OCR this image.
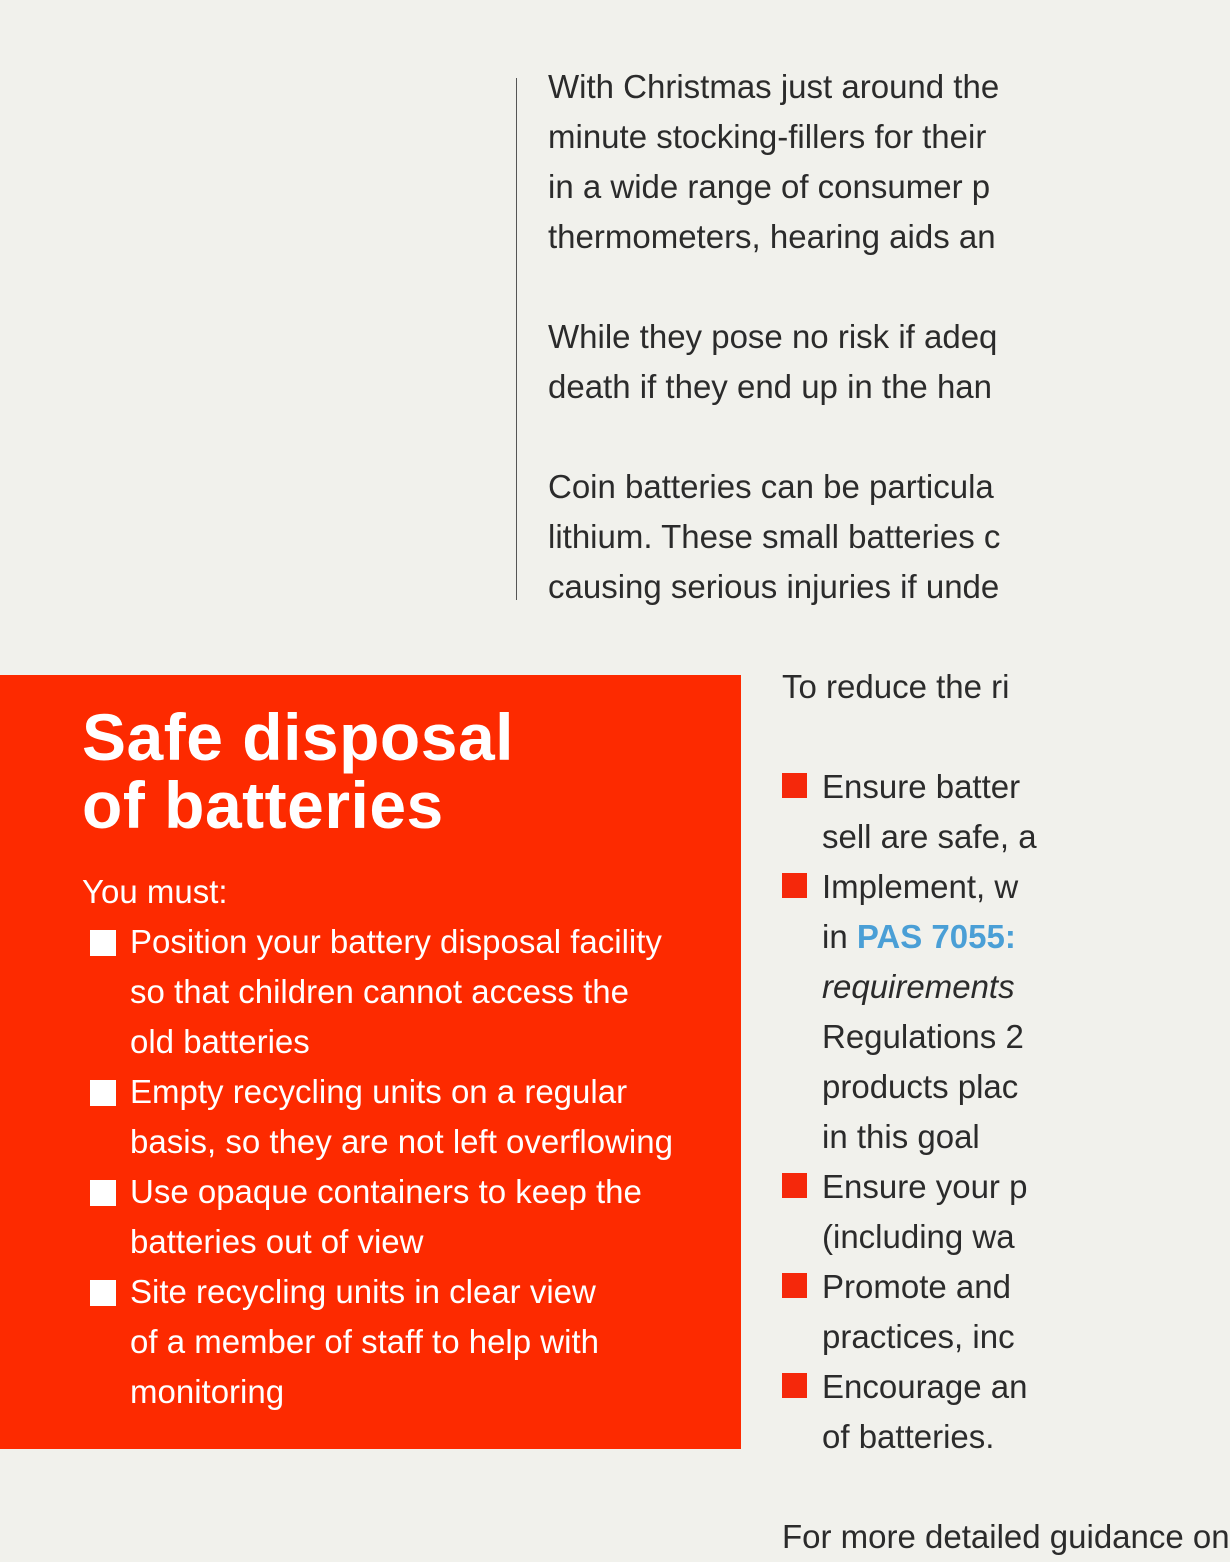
With Christmas just around the
minute stocking-fillers for their
in a wide range of consumer p
thermometers, hearing aids an

While they pose no risk if adeq
death if they end up in the han

Coin batteries can be particula
lithium. These small batteries c
causing serious injuries if unde

To reduce the ri

Ensure batter
sell are safe, a
Implement, w
in PAS 7055:
requirements
Regulations 2
products plac
in this goal
Ensure your p
(including wa
Promote and
practices, inc
Encourage an
of batteries.
For more detailed guidance on
Safe disposal
of batteries
You must:
Position your battery disposal facility
so that children cannot access the
old batteries
Empty recycling units on a regular
basis, so they are not left overflowing
Use opaque containers to keep the
batteries out of view
Site recycling units in clear view
of a member of staff to help with
monitoring
